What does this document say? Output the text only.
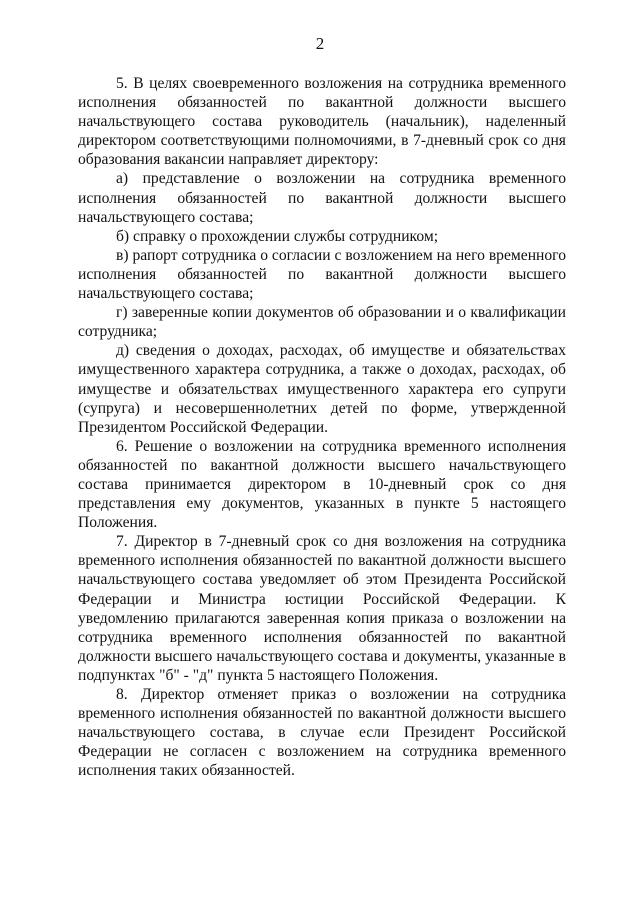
2

5. В целях своевременного возложения на сотрудника временного исполнения обязанностей по вакантной должности высшего начальствующего состава руководитель (начальник), наделенный директором соответствующими полномочиями, в 7-дневный срок со дня образования вакансии направляет директору:

а) представление о возложении на сотрудника временного исполнения обязанностей по вакантной должности высшего начальствующего состава;

б) справку о прохождении службы сотрудником;

в) рапорт сотрудника о согласии с возложением на него временного исполнения обязанностей по вакантной должности высшего начальствующего состава;

г) заверенные копии документов об образовании и о квалификации сотрудника;

д) сведения о доходах, расходах, об имуществе и обязательствах имущественного характера сотрудника, а также о доходах, расходах, об имуществе и обязательствах имущественного характера его супруги (супруга) и несовершеннолетних детей по форме, утвержденной Президентом Российской Федерации.

6. Решение о возложении на сотрудника временного исполнения обязанностей по вакантной должности высшего начальствующего состава принимается директором в 10-дневный срок со дня представления ему документов, указанных в пункте 5 настоящего Положения.

7. Директор в 7-дневный срок со дня возложения на сотрудника временного исполнения обязанностей по вакантной должности высшего начальствующего состава уведомляет об этом Президента Российской Федерации и Министра юстиции Российской Федерации. К уведомлению прилагаются заверенная копия приказа о возложении на сотрудника временного исполнения обязанностей по вакантной должности высшего начальствующего состава и документы, указанные в подпунктах "б" - "д" пункта 5 настоящего Положения.

8. Директор отменяет приказ о возложении на сотрудника временного исполнения обязанностей по вакантной должности высшего начальствующего состава, в случае если Президент Российской Федерации не согласен с возложением на сотрудника временного исполнения таких обязанностей.
